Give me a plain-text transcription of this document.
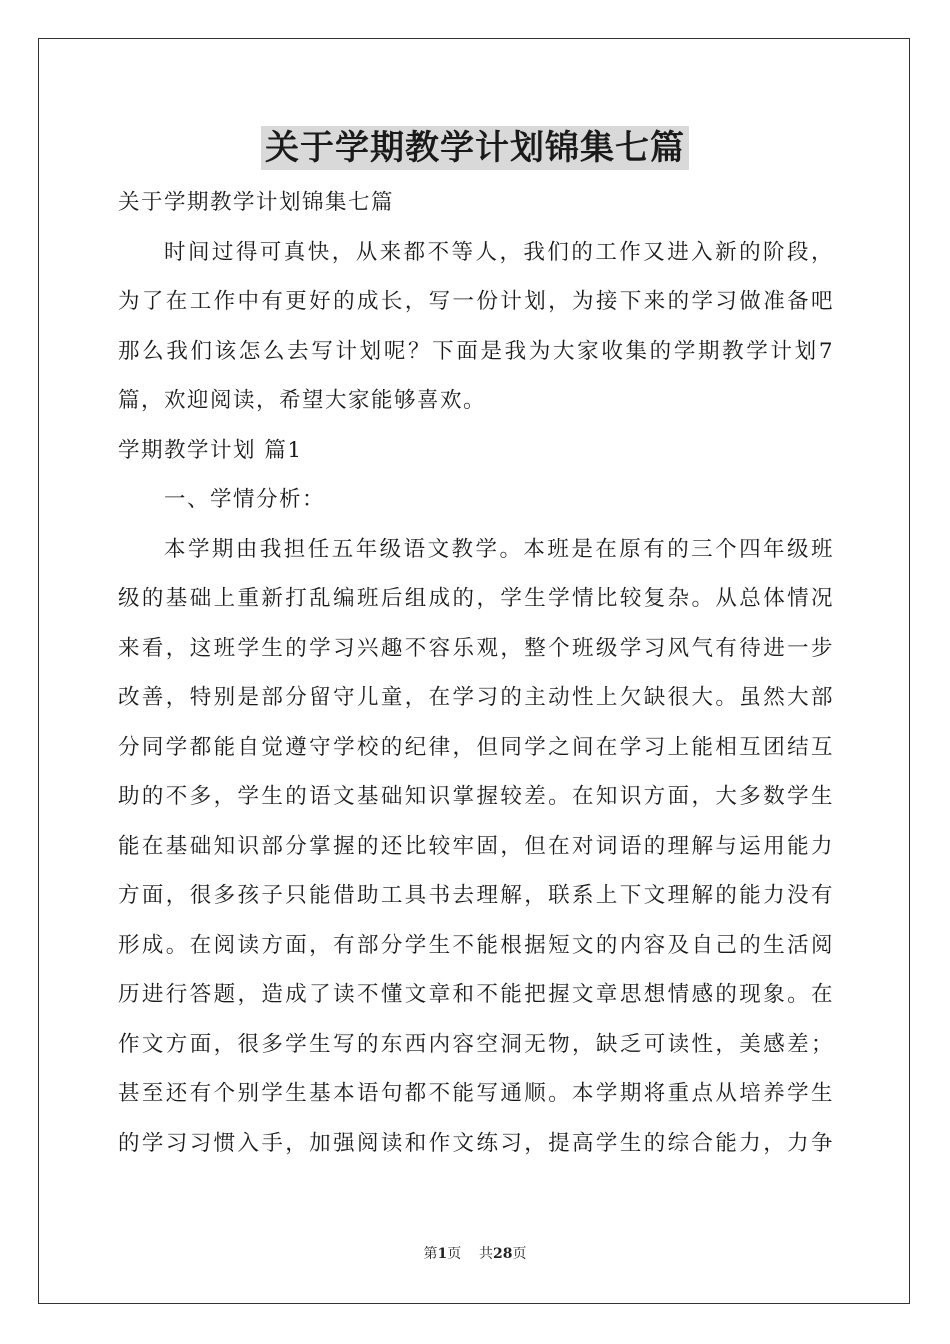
关于学期教学计划锦集七篇
关于学期教学计划锦集七篇
时间过得可真快，从来都不等人，我们的工作又进入新的阶段，
为了在工作中有更好的成长，写一份计划，为接下来的学习做准备吧
那么我们该怎么去写计划呢？下面是我为大家收集的学期教学计划7
篇，欢迎阅读，希望大家能够喜欢。
学期教学计划 篇1
一、学情分析：
本学期由我担任五年级语文教学。本班是在原有的三个四年级班
级的基础上重新打乱编班后组成的，学生学情比较复杂。从总体情况
来看，这班学生的学习兴趣不容乐观，整个班级学习风气有待进一步
改善，特别是部分留守儿童，在学习的主动性上欠缺很大。虽然大部
分同学都能自觉遵守学校的纪律，但同学之间在学习上能相互团结互
助的不多，学生的语文基础知识掌握较差。在知识方面，大多数学生
能在基础知识部分掌握的还比较牢固，但在对词语的理解与运用能力
方面，很多孩子只能借助工具书去理解，联系上下文理解的能力没有
形成。在阅读方面，有部分学生不能根据短文的内容及自己的生活阅
历进行答题，造成了读不懂文章和不能把握文章思想情感的现象。在
作文方面，很多学生写的东西内容空洞无物，缺乏可读性，美感差；
甚至还有个别学生基本语句都不能写通顺。本学期将重点从培养学生
的学习习惯入手，加强阅读和作文练习，提高学生的综合能力，力争
第1页 共28页
